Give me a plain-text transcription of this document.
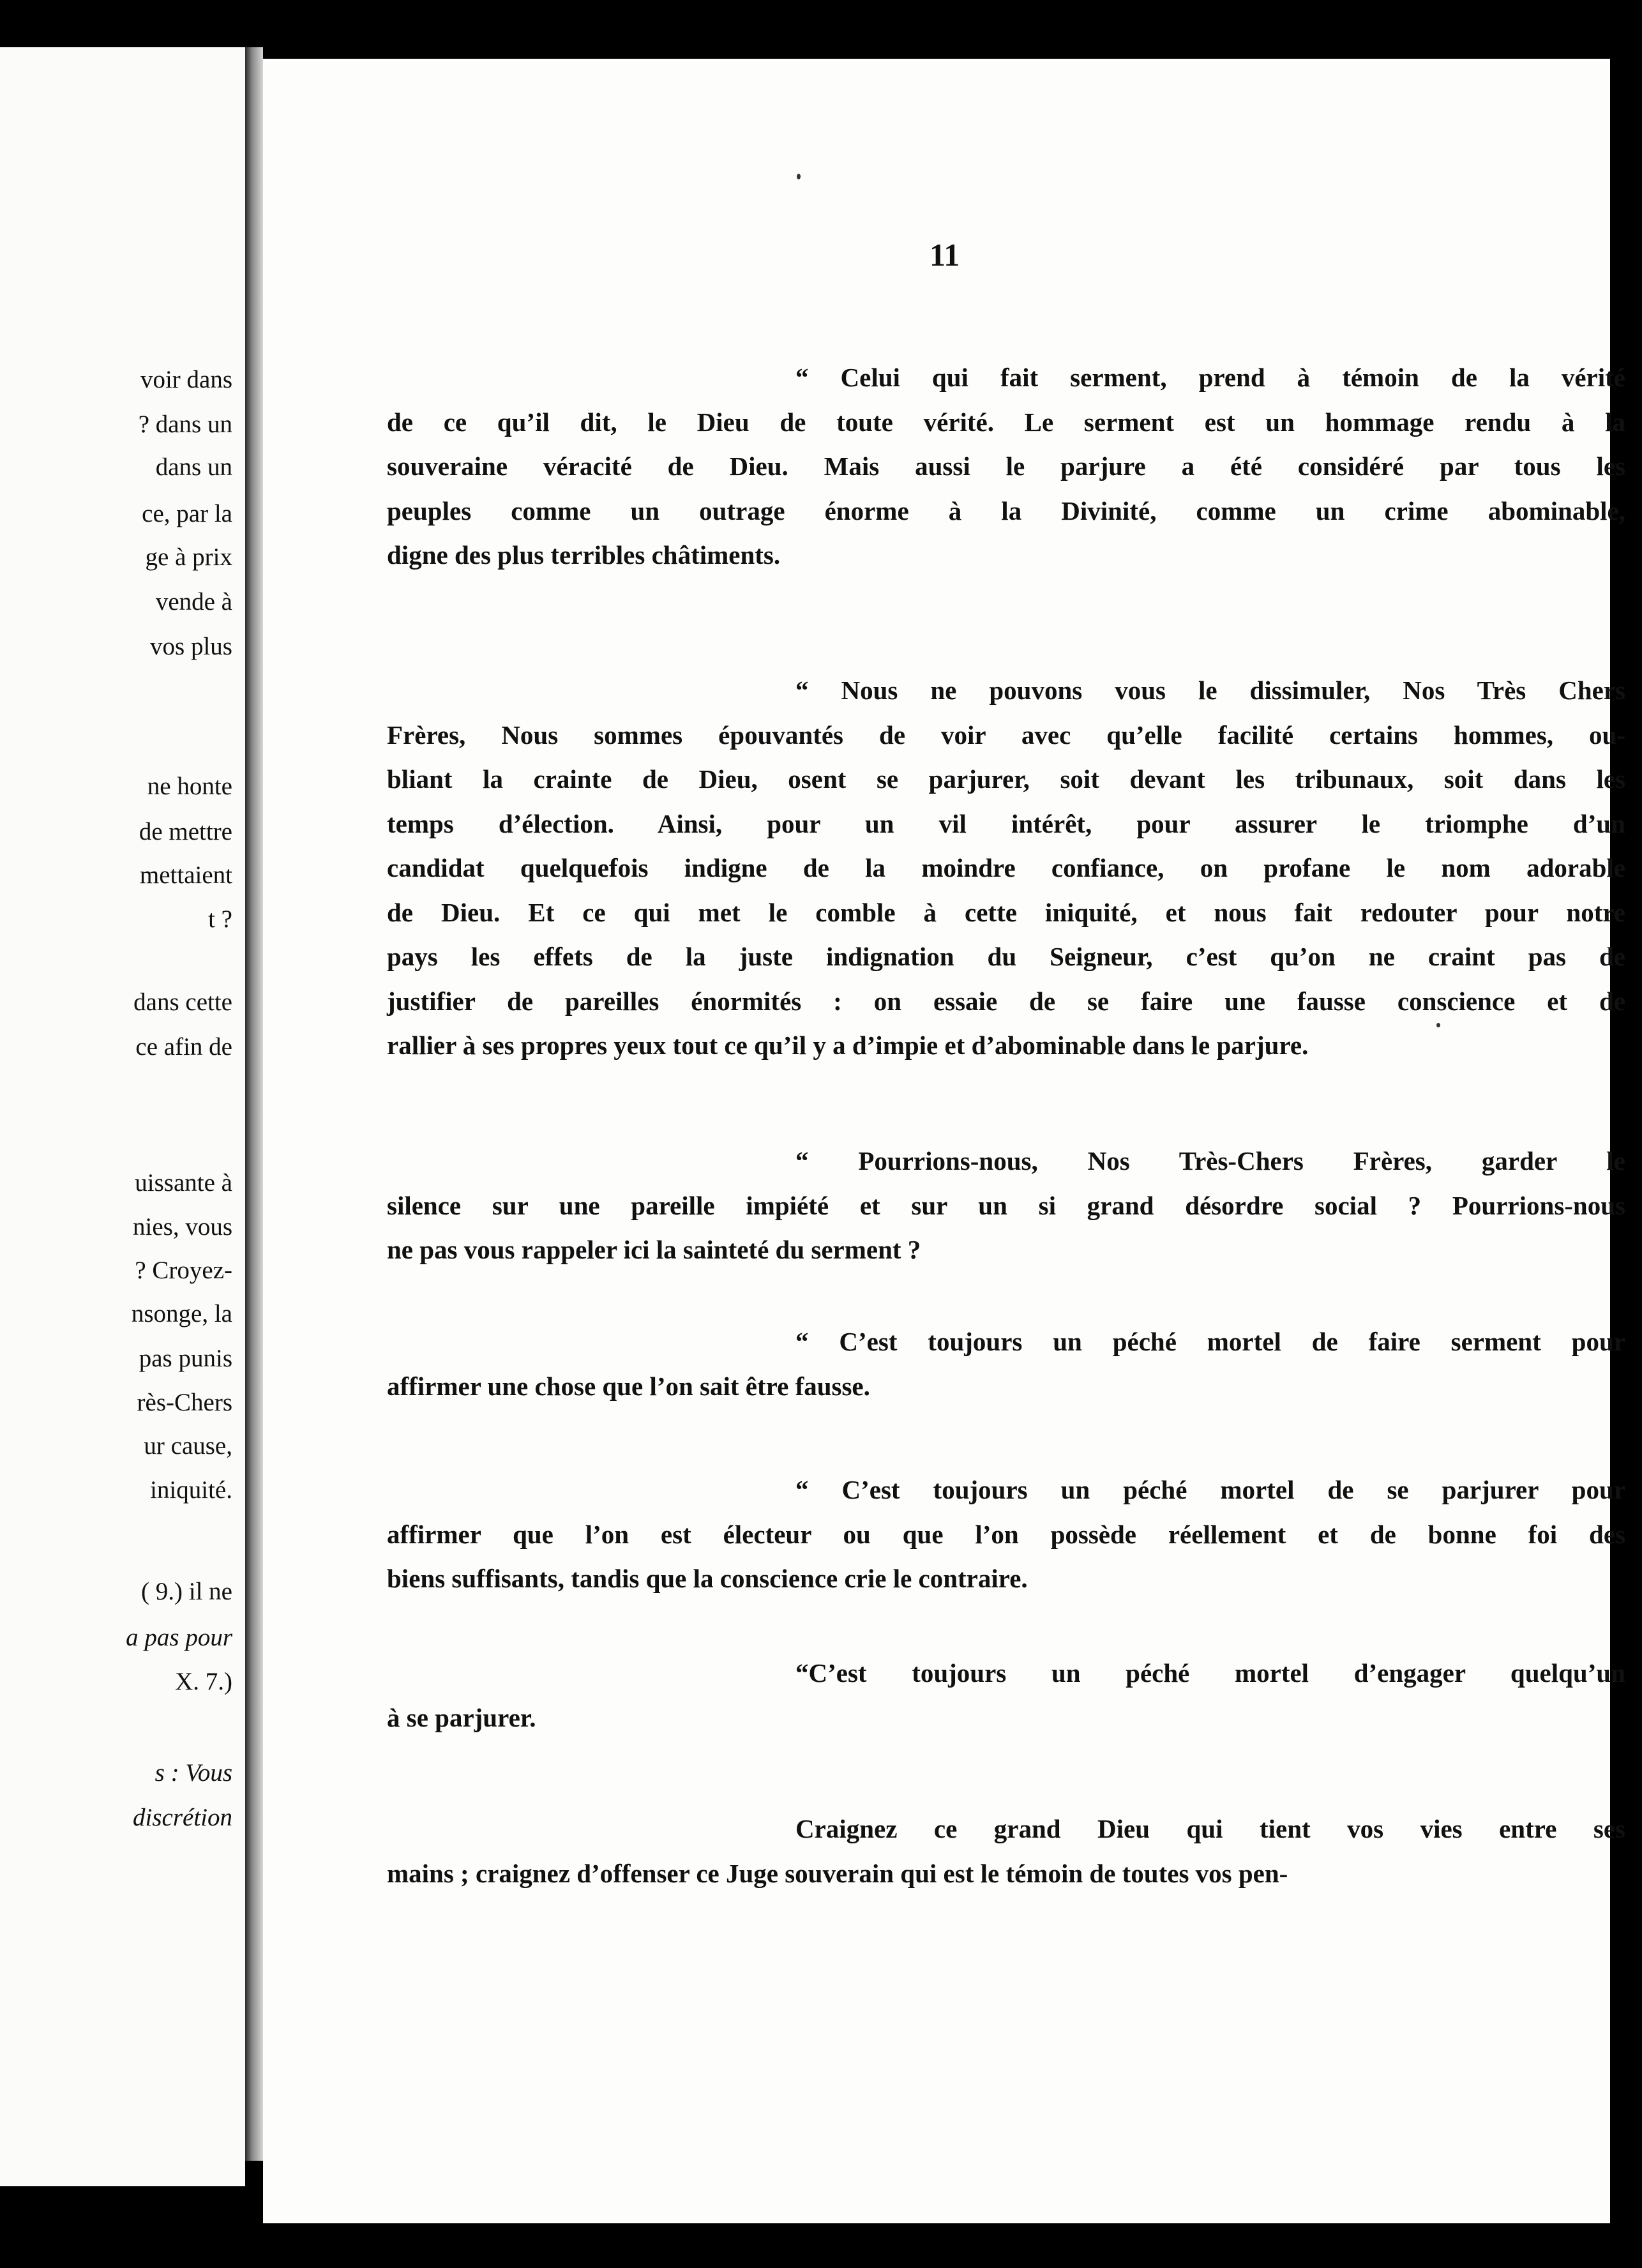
voir dans
? dans un
dans un
ce, par la
ge à prix
vende à
vos plus
ne honte
de mettre
mettaient
t ?
dans cette
ce afin de
uissante à
nies, vous
? Croyez-
nsonge, la
pas punis
rès-Chers
ur cause,
iniquité.
( 9.) il ne
a pas pour
X. 7.)
s : Vous
discrétion
11
“ Celui qui fait serment, prend à témoin de la vérité
de ce qu’il dit, le Dieu de toute vérité. Le serment est un hommage rendu à la
souveraine véracité de Dieu. Mais aussi le parjure a été considéré par tous les
peuples comme un outrage énorme à la Divinité, comme un crime abominable,
digne des plus terribles châtiments.
“ Nous ne pouvons vous le dissimuler, Nos Très Chers
Frères, Nous sommes épouvantés de voir avec qu’elle facilité certains hommes, ou-
bliant la crainte de Dieu, osent se parjurer, soit devant les tribunaux, soit dans les
temps d’élection. Ainsi, pour un vil intérêt, pour assurer le triomphe d’un
candidat quelquefois indigne de la moindre confiance, on profane le nom adorable
de Dieu. Et ce qui met le comble à cette iniquité, et nous fait redouter pour notre
pays les effets de la juste indignation du Seigneur, c’est qu’on ne craint pas de
justifier de pareilles énormités : on essaie de se faire une fausse conscience et de
rallier à ses propres yeux tout ce qu’il y a d’impie et d’abominable dans le parjure.
“ Pourrions-nous, Nos Très-Chers Frères, garder le
silence sur une pareille impiété et sur un si grand désordre social ? Pourrions-nous
ne pas vous rappeler ici la sainteté du serment ?
“ C’est toujours un péché mortel de faire serment pour
affirmer une chose que l’on sait être fausse.
“ C’est toujours un péché mortel de se parjurer pour
affirmer que l’on est électeur ou que l’on possède réellement et de bonne foi des
biens suffisants, tandis que la conscience crie le contraire.
“C’est toujours un péché mortel d’engager quelqu’un
à se parjurer.
Craignez ce grand Dieu qui tient vos vies entre ses
mains ; craignez d’offenser ce Juge souverain qui est le témoin de toutes vos pen-
